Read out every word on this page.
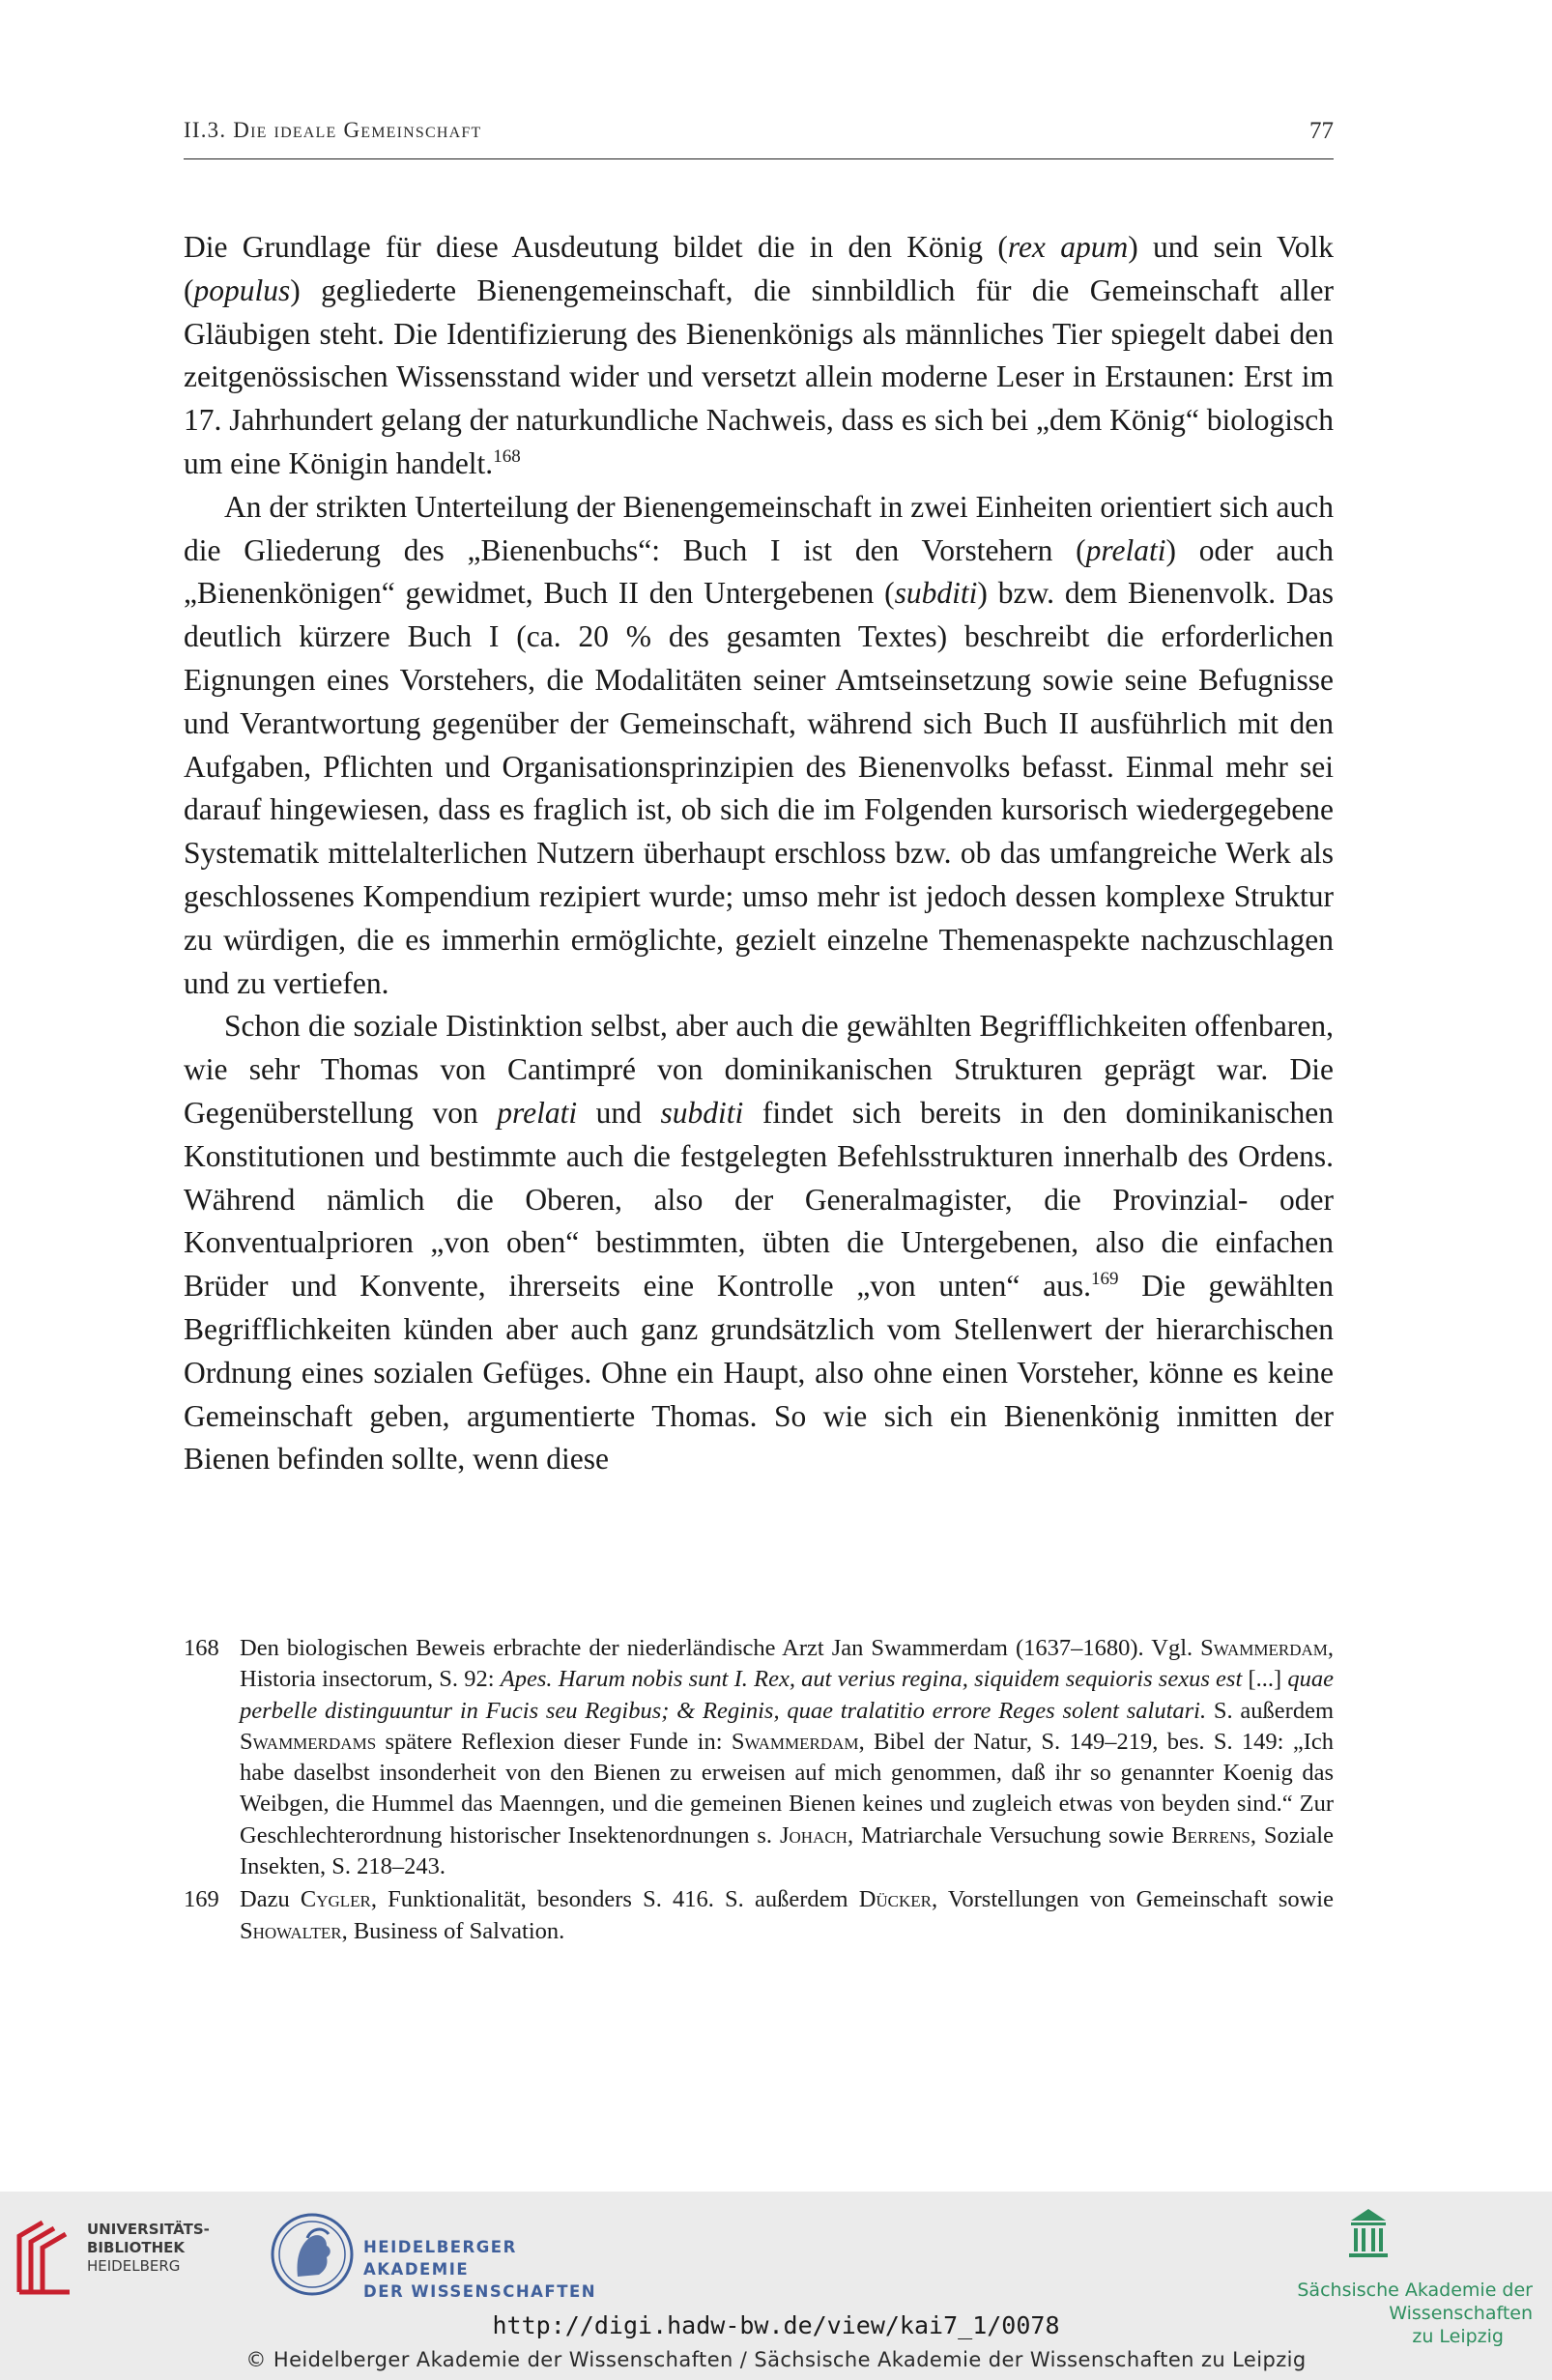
II.3. Die ideale Gemeinschaft	77

Die Grundlage für diese Ausdeutung bildet die in den König (rex apum) und sein Volk (populus) gegliederte Bienengemeinschaft, die sinnbildlich für die Gemeinschaft aller Gläubigen steht. Die Identifizierung des Bienenkönigs als männliches Tier spiegelt dabei den zeitgenössischen Wissensstand wider und versetzt allein moderne Leser in Erstaunen: Erst im 17. Jahrhundert gelang der naturkundliche Nachweis, dass es sich bei „dem König“ biologisch um eine Königin handelt.$^{168}$

An der strikten Unterteilung der Bienengemeinschaft in zwei Einheiten orientiert sich auch die Gliederung des „Bienenbuchs“: Buch I ist den Vorstehern (prelati) oder auch „Bienenkönigen“ gewidmet, Buch II den Untergebenen (subditi) bzw. dem Bienenvolk. Das deutlich kürzere Buch I (ca. 20 % des gesamten Textes) beschreibt die erforderlichen Eignungen eines Vorstehers, die Modalitäten seiner Amtseinsetzung sowie seine Befugnisse und Verantwortung gegenüber der Gemeinschaft, während sich Buch II ausführlich mit den Aufgaben, Pflichten und Organisationsprinzipien des Bienenvolks befasst. Einmal mehr sei darauf hingewiesen, dass es fraglich ist, ob sich die im Folgenden kursorisch wiedergegebene Systematik mittelalterlichen Nutzern überhaupt erschloss bzw. ob das umfangreiche Werk als geschlossenes Kompendium rezipiert wurde; umso mehr ist jedoch dessen komplexe Struktur zu würdigen, die es immerhin ermöglichte, gezielt einzelne Themenaspekte nachzuschlagen und zu vertiefen.

Schon die soziale Distinktion selbst, aber auch die gewählten Begrifflichkeiten offenbaren, wie sehr Thomas von Cantimpré von dominikanischen Strukturen geprägt war. Die Gegenüberstellung von prelati und subditi findet sich bereits in den dominikanischen Konstitutionen und bestimmte auch die festgelegten Befehlsstrukturen innerhalb des Ordens. Während nämlich die Oberen, also der Generalmagister, die Provinzial- oder Konventualprioren „von oben“ bestimmten, übten die Untergebenen, also die einfachen Brüder und Konvente, ihrerseits eine Kontrolle „von unten“ aus.$^{169}$ Die gewählten Begrifflichkeiten künden aber auch ganz grundsätzlich vom Stellenwert der hierarchischen Ordnung eines sozialen Gefüges. Ohne ein Haupt, also ohne einen Vorsteher, könne es keine Gemeinschaft geben, argumentierte Thomas. So wie sich ein Bienenkönig inmitten der Bienen befinden sollte, wenn diese

168 Den biologischen Beweis erbrachte der niederländische Arzt Jan Swammerdam (1637–1680). Vgl. Swammerdam, Historia insectorum, S. 92: Apes. Harum nobis sunt I. Rex, aut verius regina, siquidem sequioris sexus est [...] quae perbelle distinguuntur in Fucis seu Regibus; & Reginis, quae tralatitio errore Reges solent salutari. S. außerdem Swammerdams spätere Reflexion dieser Funde in: Swammerdam, Bibel der Natur, S. 149–219, bes. S. 149: „Ich habe daselbst insonderheit von den Bienen zu erweisen auf mich genommen, daß ihr so genannter Koenig das Weibgen, die Hummel das Maenngen, und die gemeinen Bienen keines und zugleich etwas von beyden sind.“ Zur Geschlechterordnung historischer Insektenordnungen s. Johach, Matriarchale Versuchung sowie Berrens, Soziale Insekten, S. 218–243.
169 Dazu Cygler, Funktionalität, besonders S. 416. S. außerdem Dücker, Vorstellungen von Gemeinschaft sowie Showalter, Business of Salvation.
UNIVERSITÄTS-
BIBLIOTHEK
HEIDELBERG
HEIDELBERGER AKADEMIE
DER WISSENSCHAFTEN	Sächsische Akademie der Wissenschaften
zu Leipzig
http://digi.hadw-bw.de/view/kai7_1/0078
© Heidelberger Akademie der Wissenschaften / Sächsische Akademie der Wissenschaften zu Leipzig
